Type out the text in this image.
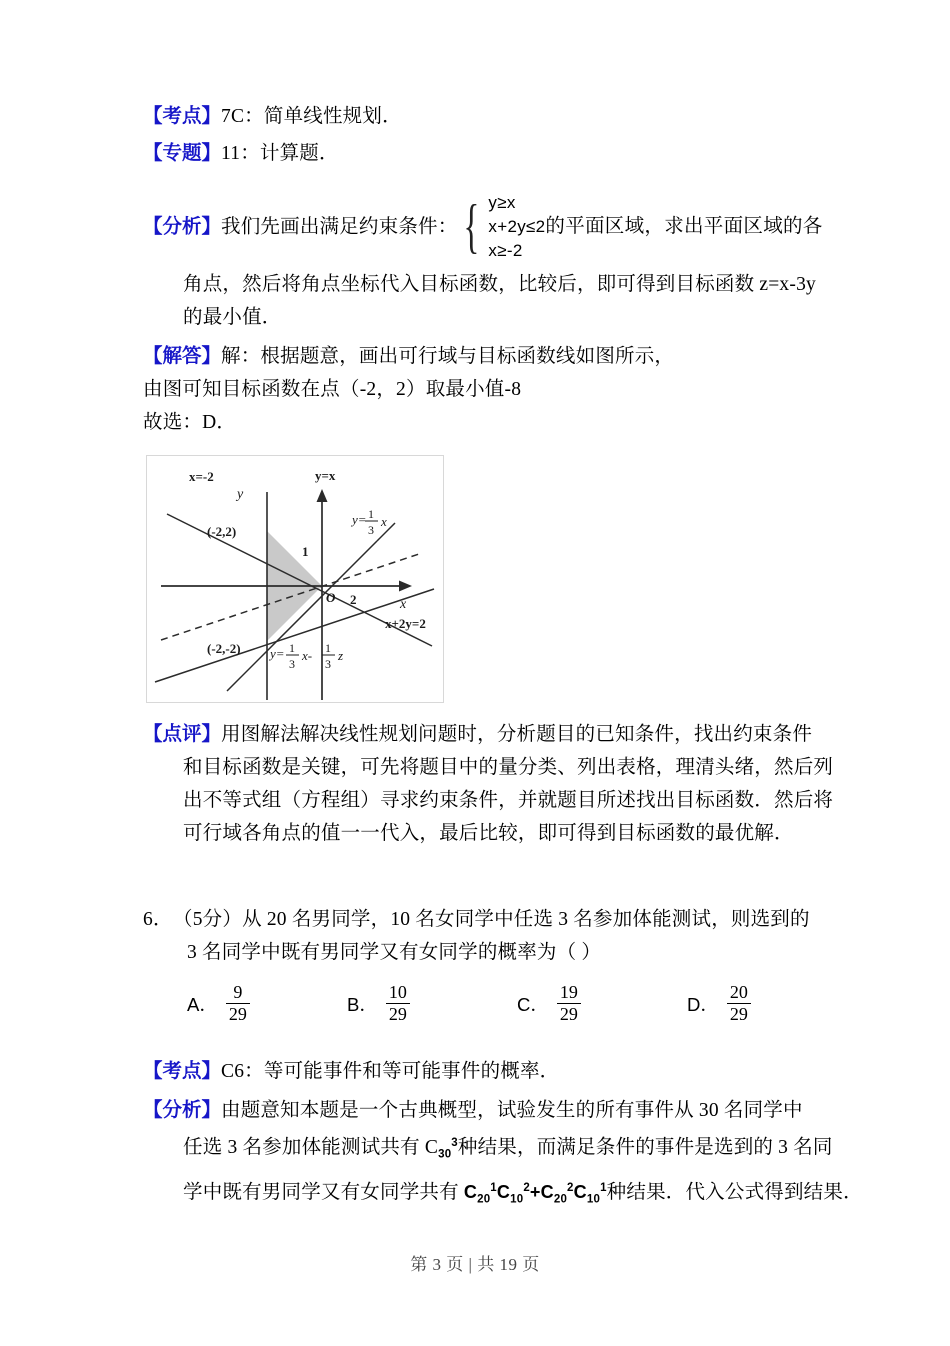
【考点】7C：简单线性规划．
【专题】11：计算题．
【分析】我们先画出满足约束条件： { y≥x
x+2y≤2的平面区域，求出平面区域的各
x≥-2
角点，然后将角点坐标代入目标函数，比较后，即可得到目标函数 z=x‑3y
的最小值．
【解答】解：根据题意，画出可行域与目标函数线如图所示，
由图可知目标函数在点（‑2，2）取最小值‑8
故选：D．
x=-2	y=x
y= 1
3
x
(-2,2)
(-2,-2)
1
2
O	x
y
x+2y=2
y= 1
3
x- 1
3
z
【点评】用图解法解决线性规划问题时，分析题目的已知条件，找出约束条件
和目标函数是关键，可先将题目中的量分类、列出表格，理清头绪，然后列
出不等式组（方程组）寻求约束条件，并就题目所述找出目标函数．然后将
可行域各角点的值一一代入，最后比较，即可得到目标函数的最优解．
6．（5分）从 20 名男同学，10 名女同学中任选 3 名参加体能测试，则选到的
3 名同学中既有男同学又有女同学的概率为（ ）
A． $\frac{9}{29}$	B． $\frac{10}{29}$	C． $\frac{19}{29}$	D． $\frac{20}{29}$
【考点】C6：等可能事件和等可能事件的概率．
【分析】由题意知本题是一个古典概型，试验发生的所有事件从 30 名同学中
任选 3 名参加体能测试共有 $C_{30}^3$种结果，而满足条件的事件是选到的 3 名同
学中既有男同学又有女同学共有 $C_{20}^1C_{10}^2+C_{20}^2C_{10}^1$种结果．代入公式得到结果．
第 3 页 | 共 19 页
